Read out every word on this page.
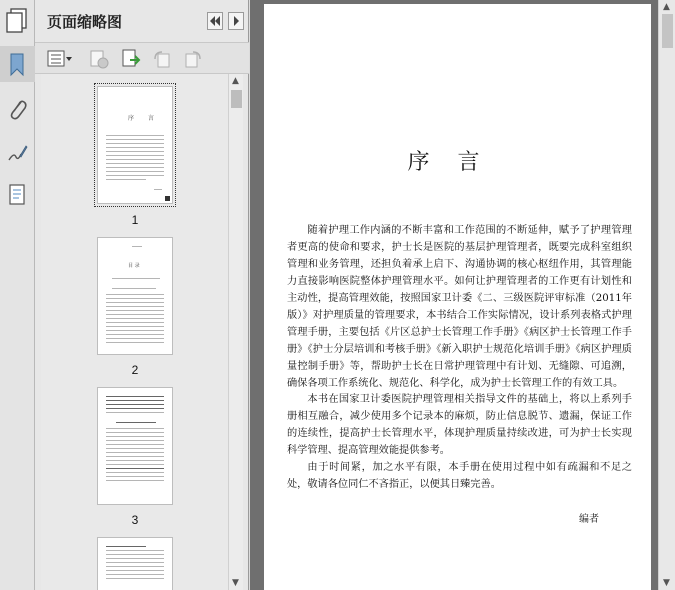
页面缩略图
序 言
1
目 录
2
3
▲
▼
序言
随着护理工作内涵的不断丰富和工作范围的不断延伸，赋予了护理管理者更高的使命和要求，护士长是医院的基层护理管理者，既要完成科室组织管理和业务管理，还担负着承上启下、沟通协调的核心枢纽作用，其管理能力直接影响医院整体护理管理水平。如何让护理管理者的工作更有计划性和主动性，提高管理效能，按照国家卫计委《二、三级医院评审标准（2011年版）》对护理质量的管理要求，本书结合工作实际情况，设计系列表格式护理管理手册，主要包括《片区总护士长管理工作手册》《病区护士长管理工作手册》《护士分层培训和考核手册》《新入职护士规范化培训手册》《病区护理质量控制手册》等，帮助护士长在日常护理管理中有计划、无缝隙、可追溯，确保各项工作系统化、规范化、科学化，成为护士长管理工作的有效工具。
本书在国家卫计委医院护理管理相关指导文件的基础上，将以上系列手册相互融合，减少使用多个记录本的麻烦，防止信息脱节、遗漏，保证工作的连续性，提高护士长管理水平，体现护理质量持续改进，可为护士长实现科学管理、提高管理效能提供参考。
由于时间紧，加之水平有限，本手册在使用过程中如有疏漏和不足之处，敬请各位同仁不吝指正，以便其日臻完善。
编者
▲
▼
